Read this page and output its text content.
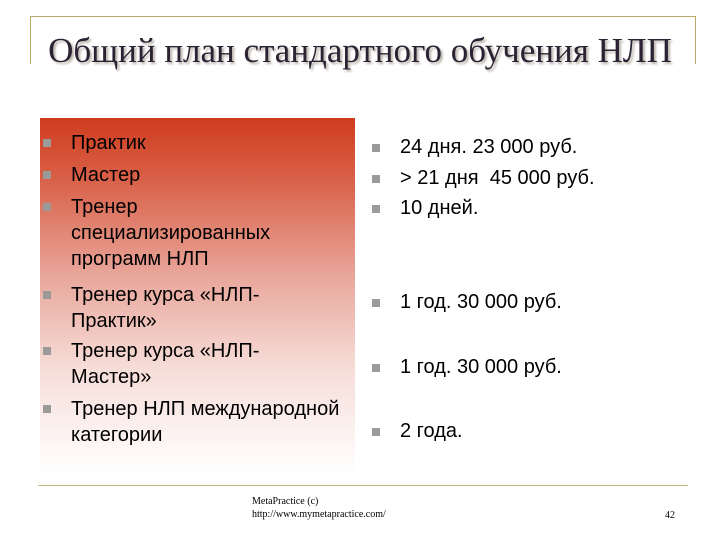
Общий план стандартного обучения НЛП
Практик
Мастер
Тренер специализированных программ НЛП
Тренер курса «НЛП-Практик»
Тренер курса «НЛП-Мастер»
Тренер НЛП международной категории
24 дня. 23 000 руб.
> 21 дня  45 000 руб.
10 дней.
1 год. 30 000 руб.
1 год. 30 000 руб.
2 года.
MetaPractice (c)
http://www.mymetapractice.com/	42
